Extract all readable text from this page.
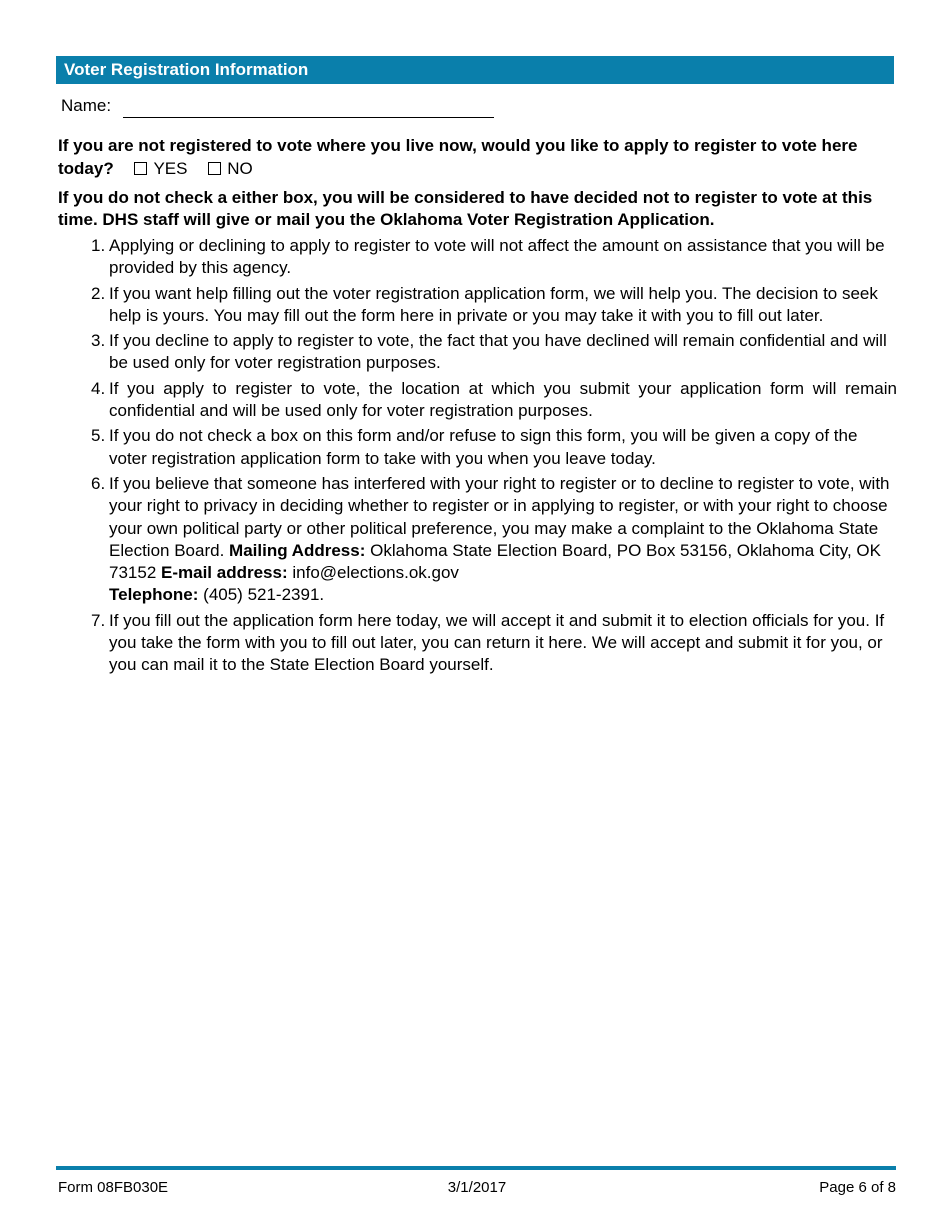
Voter Registration Information
Name:
If you are not registered to vote where you live now, would you like to apply to register to vote here today? YES NO
If you do not check a either box, you will be considered to have decided not to register to vote at this time. DHS staff will give or mail you the Oklahoma Voter Registration Application.
1. Applying or declining to apply to register to vote will not affect the amount on assistance that you will be provided by this agency.
2. If you want help filling out the voter registration application form, we will help you. The decision to seek help is yours. You may fill out the form here in private or you may take it with you to fill out later.
3. If you decline to apply to register to vote, the fact that you have declined will remain confidential and will be used only for voter registration purposes.
4. If you apply to register to vote, the location at which you submit your application form will remain confidential and will be used only for voter registration purposes.
5. If you do not check a box on this form and/or refuse to sign this form, you will be given a copy of the voter registration application form to take with you when you leave today.
6. If you believe that someone has interfered with your right to register or to decline to register to vote, with your right to privacy in deciding whether to register or in applying to register, or with your right to choose your own political party or other political preference, you may make a complaint to the Oklahoma State Election Board. Mailing Address: Oklahoma State Election Board, PO Box 53156, Oklahoma City, OK 73152 E-mail address: info@elections.ok.gov
Telephone: (405) 521-2391.
7. If you fill out the application form here today, we will accept it and submit it to election officials for you. If you take the form with you to fill out later, you can return it here. We will accept and submit it for you, or you can mail it to the State Election Board yourself.
Form 08FB030E	3/1/2017	Page 6 of 8
